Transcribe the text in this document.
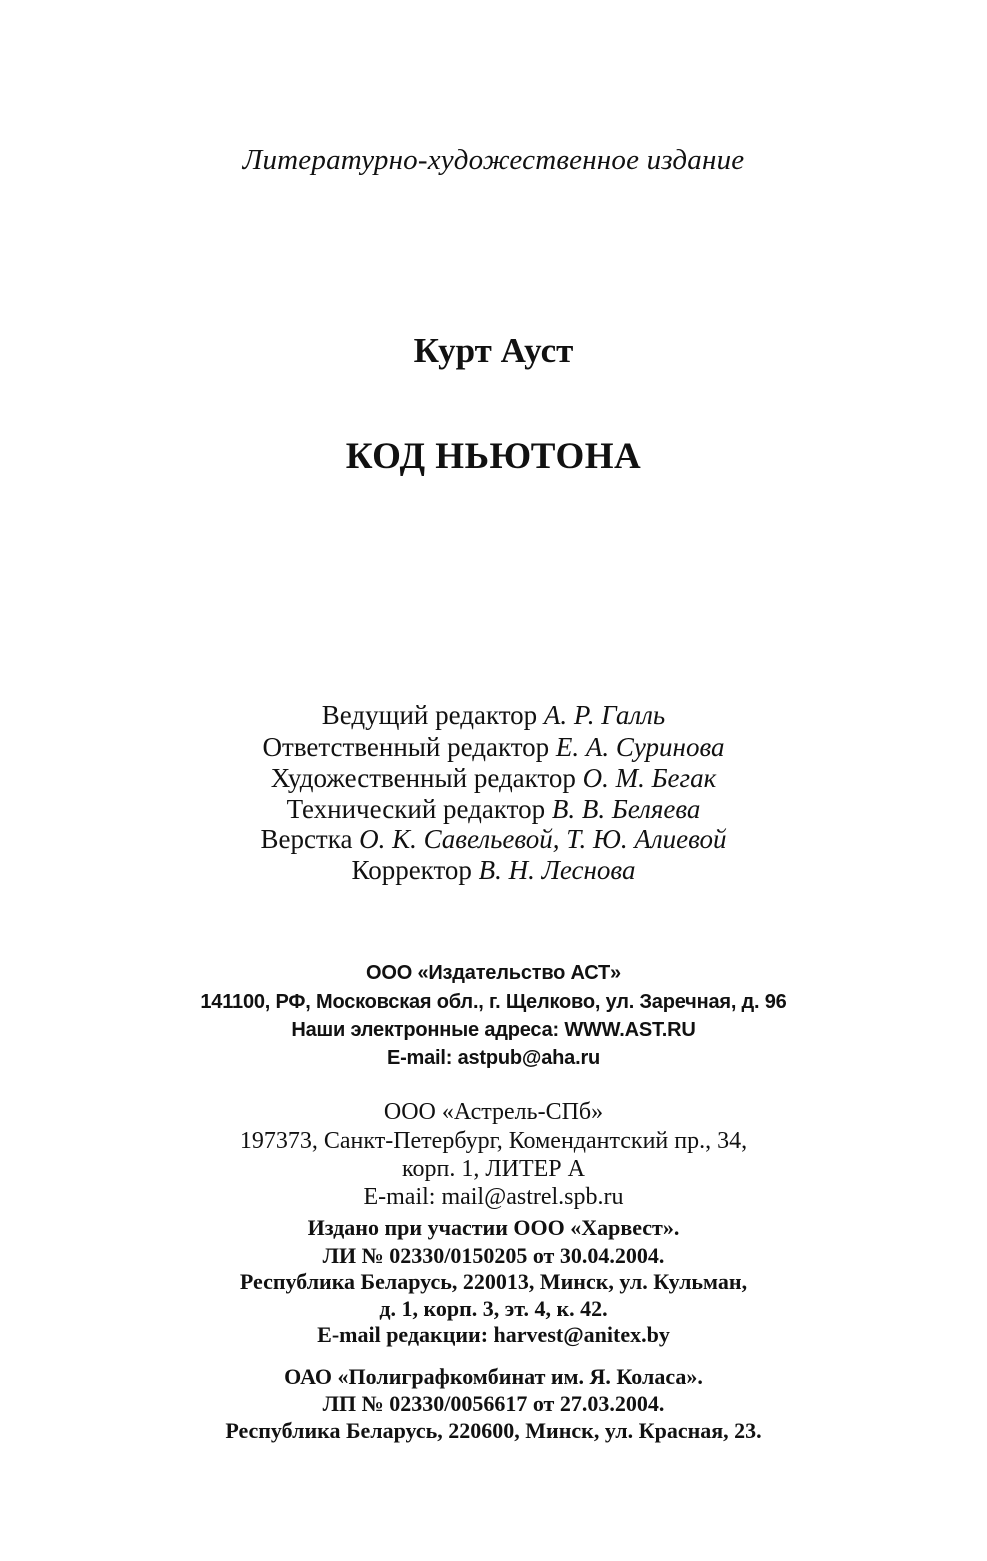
Литературно-художественное издание
Курт Ауст
КОД НЬЮТОНА
Ведущий редактор А. Р. Галль
Ответственный редактор Е. А. Суринова
Художественный редактор О. М. Бегак
Технический редактор В. В. Беляева
Верстка О. К. Савельевой, Т. Ю. Алиевой
Корректор В. Н. Леснова
ООО «Издательство АСТ»
141100, РФ, Московская обл., г. Щелково, ул. Заречная, д. 96
Наши электронные адреса: WWW.AST.RU
E-mail: astpub@aha.ru
ООО «Астрель-СПб»
197373, Санкт-Петербург, Комендантский пр., 34,
корп. 1, ЛИТЕР А
E-mail: mail@astrel.spb.ru
Издано при участии ООО «Харвест».
ЛИ № 02330/0150205 от 30.04.2004.
Республика Беларусь, 220013, Минск, ул. Кульман,
д. 1, корп. 3, эт. 4, к. 42.
E-mail редакции: harvest@anitex.by
ОАО «Полиграфкомбинат им. Я. Коласа».
ЛП № 02330/0056617 от 27.03.2004.
Республика Беларусь, 220600, Минск, ул. Красная, 23.
